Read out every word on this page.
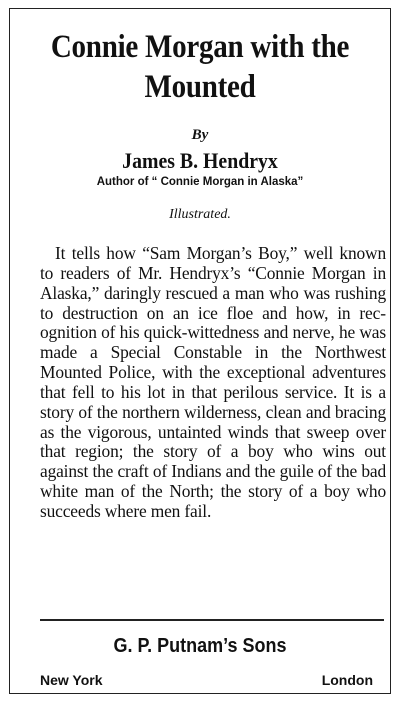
Connie Morgan with the Mounted
By
James B. Hendryx
Author of “ Connie Morgan in Alaska”
Illustrated.

It tells how “Sam Morgan’s Boy,” well known to readers of Mr. Hendryx’s “Connie Morgan in Alaska,” daringly rescued a man who was rushing to destruction on an ice floe and how, in recognition of his quick-wittedness and nerve, he was made a Special Constable in the Northwest Mounted Police, with the exceptional adventures that fell to his lot in that perilous service. It is a story of the northern wilderness, clean and bracing as the vigorous, untainted winds that sweep over that region; the story of a boy who wins out against the craft of Indians and the guile of the bad white man of the North; the story of a boy who succeeds where men fail.

G. P. Putnam’s Sons
New York	London
